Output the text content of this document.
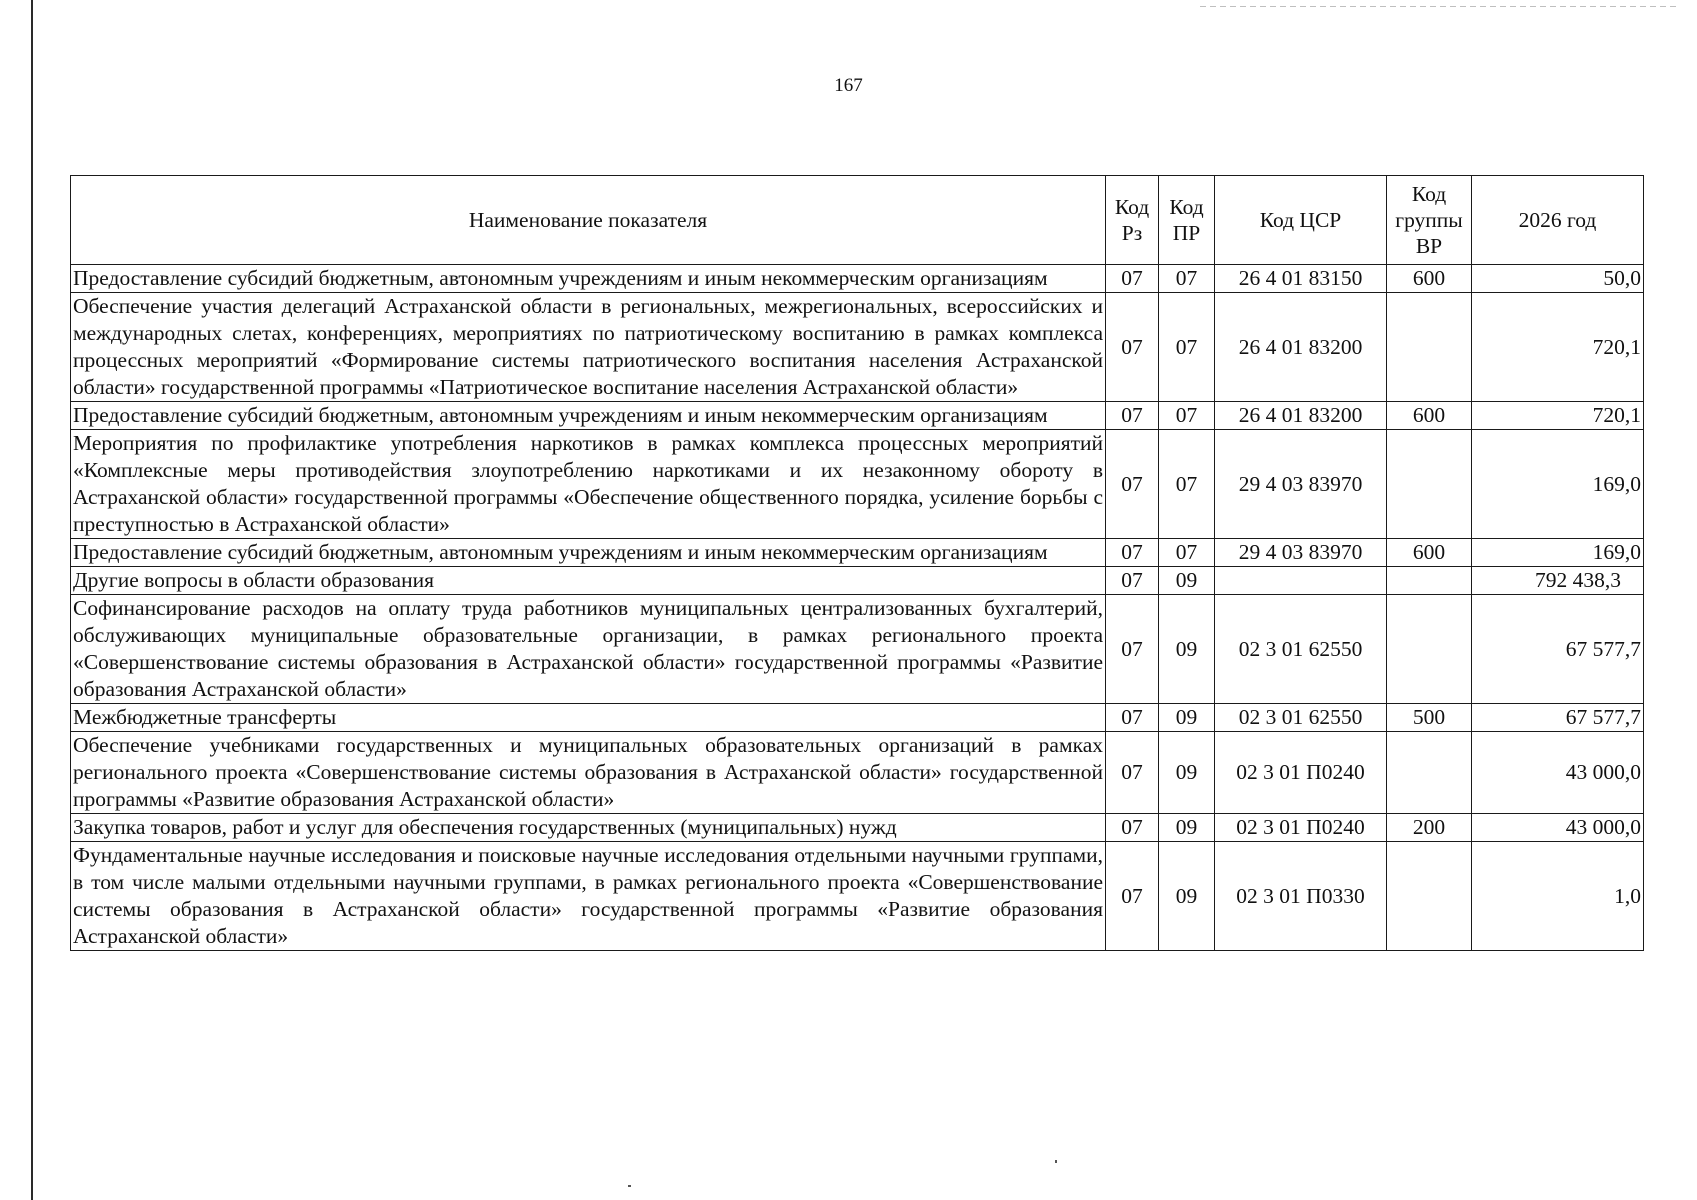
167
Наименование показателя	Код Рз	Код ПР	Код ЦСР	Код группы ВР	2026 год
Предоставление субсидий бюджетным, автономным учреждениям и иным некоммерческим организациям	07	07	26 4 01 83150	600	50,0
Обеспечение участия делегаций Астраханской области в региональных, межрегиональных, всероссийских и международных слетах, конференциях, мероприятиях по патриотическому воспитанию в рамках комплекса процессных мероприятий «Формирование системы патриотического воспитания населения Астраханской области» государственной программы «Патриотическое воспитание населения Астраханской области»	07	07	26 4 01 83200		720,1
Предоставление субсидий бюджетным, автономным учреждениям и иным некоммерческим организациям	07	07	26 4 01 83200	600	720,1
Мероприятия по профилактике употребления наркотиков в рамках комплекса процессных мероприятий «Комплексные меры противодействия злоупотреблению наркотиками и их незаконному обороту в Астраханской области» государственной программы «Обеспечение общественного порядка, усиление борьбы с преступностью в Астраханской области»	07	07	29 4 03 83970		169,0
Предоставление субсидий бюджетным, автономным учреждениям и иным некоммерческим организациям	07	07	29 4 03 83970	600	169,0
Другие вопросы в области образования	07	09			792 438,3
Софинансирование расходов на оплату труда работников муниципальных централизованных бухгалтерий, обслуживающих муниципальные образовательные организации, в рамках регионального проекта «Совершенствование системы образования в Астраханской области» государственной программы «Развитие образования Астраханской области»	07	09	02 3 01 62550		67 577,7
Межбюджетные трансферты	07	09	02 3 01 62550	500	67 577,7
Обеспечение учебниками государственных и муниципальных образовательных организаций в рамках регионального проекта «Совершенствование системы образования в Астраханской области» государственной программы «Развитие образования Астраханской области»	07	09	02 3 01 П0240		43 000,0
Закупка товаров, работ и услуг для обеспечения государственных (муниципальных) нужд	07	09	02 3 01 П0240	200	43 000,0
Фундаментальные научные исследования и поисковые научные исследования отдельными научными группами, в том числе малыми отдельными научными группами, в рамках регионального проекта «Совершенствование системы образования в Астраханской области» государственной программы «Развитие образования Астраханской области»	07	09	02 3 01 П0330		1,0
